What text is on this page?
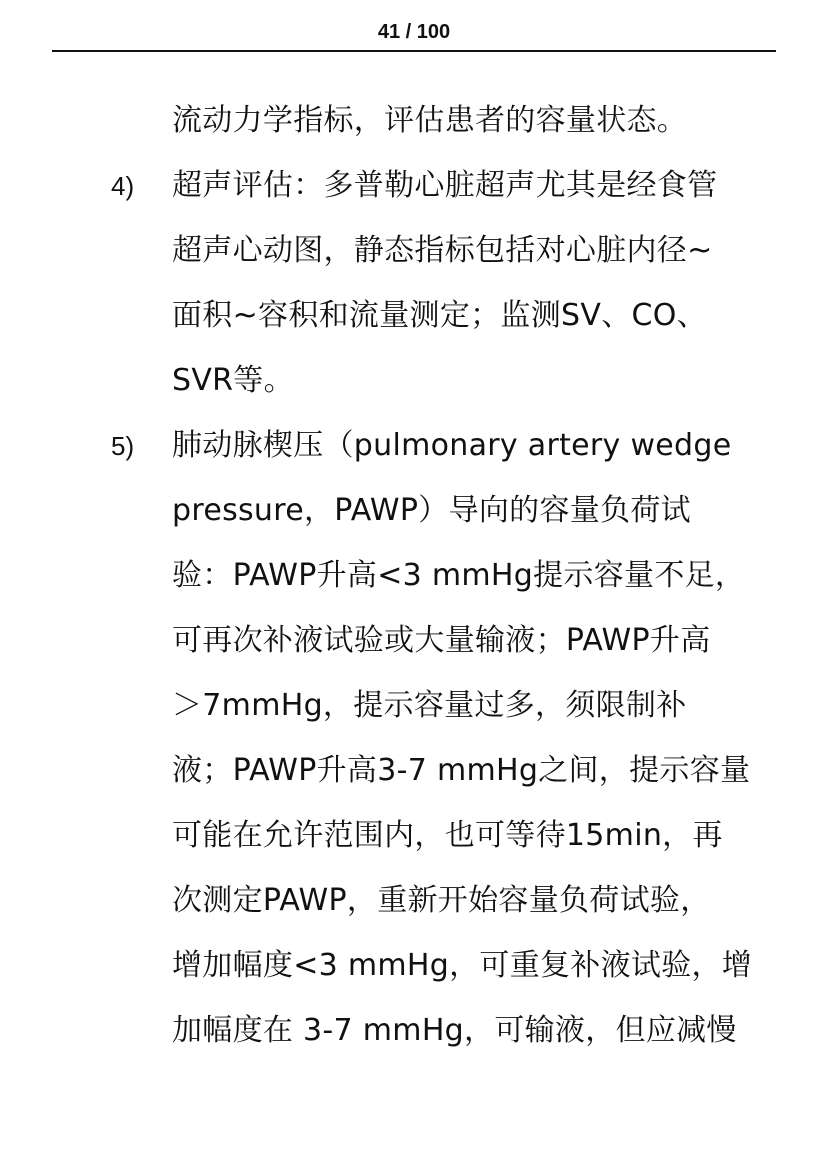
41 / 100
流动力学指标，评估患者的容量状态。
4) 超声评估：多普勒心脏超声尤其是经食管
超声心动图，静态指标包括对心脏内径~
面积~容积和流量测定；监测SV、CO、
SVR等。
5) 肺动脉楔压（pulmonary artery wedge
pressure，PAWP）导向的容量负荷试
验：PAWP升高<3 mmHg提示容量不足，
可再次补液试验或大量输液；PAWP升高
＞7mmHg，提示容量过多，须限制补
液；PAWP升高3-7 mmHg之间，提示容量
可能在允许范围内，也可等待15min，再
次测定PAWP，重新开始容量负荷试验，
增加幅度<3 mmHg，可重复补液试验，增
加幅度在 3-7 mmHg，可输液，但应减慢
